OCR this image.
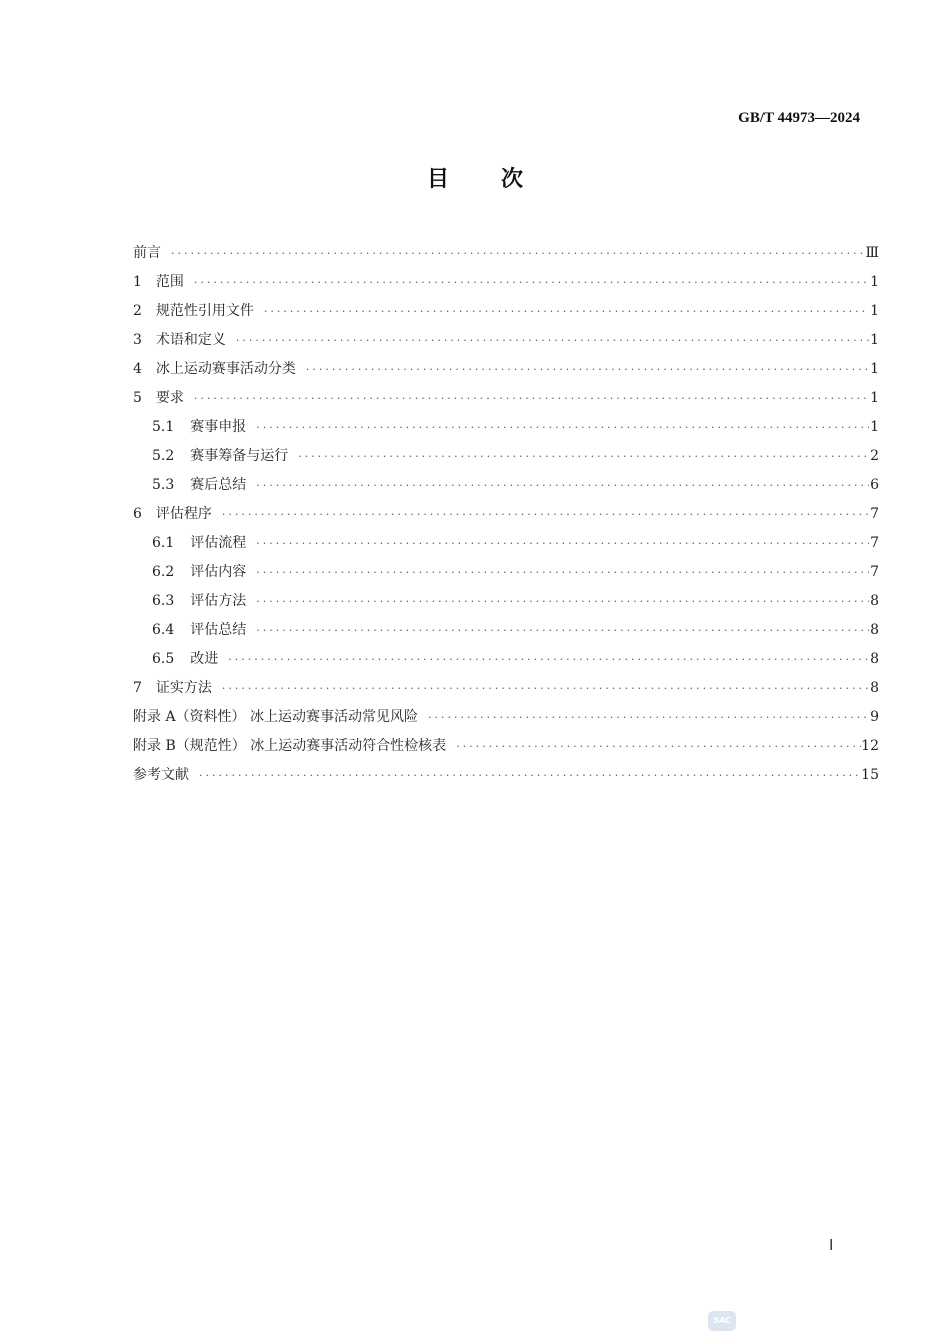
GB/T 44973—2024
目次
前言 ·····	Ⅲ
1 范围 ·····	1
2 规范性引用文件 ·····	1
3 术语和定义 ·····	1
4 冰上运动赛事活动分类 ·····	1
5 要求 ·····	1
5.1 赛事申报 ·····	1
5.2 赛事筹备与运行 ·····	2
5.3 赛后总结 ·····	6
6 评估程序 ·····	7
6.1 评估流程 ·····	7
6.2 评估内容 ·····	7
6.3 评估方法 ·····	8
6.4 评估总结 ·····	8
6.5 改进 ·····	8
7 证实方法 ·····	8
附录 A（资料性） 冰上运动赛事活动常见风险 ·····	9
附录 B（规范性） 冰上运动赛事活动符合性检核表 ·····	12
参考文献 ·····	15
Ⅰ
SAC
